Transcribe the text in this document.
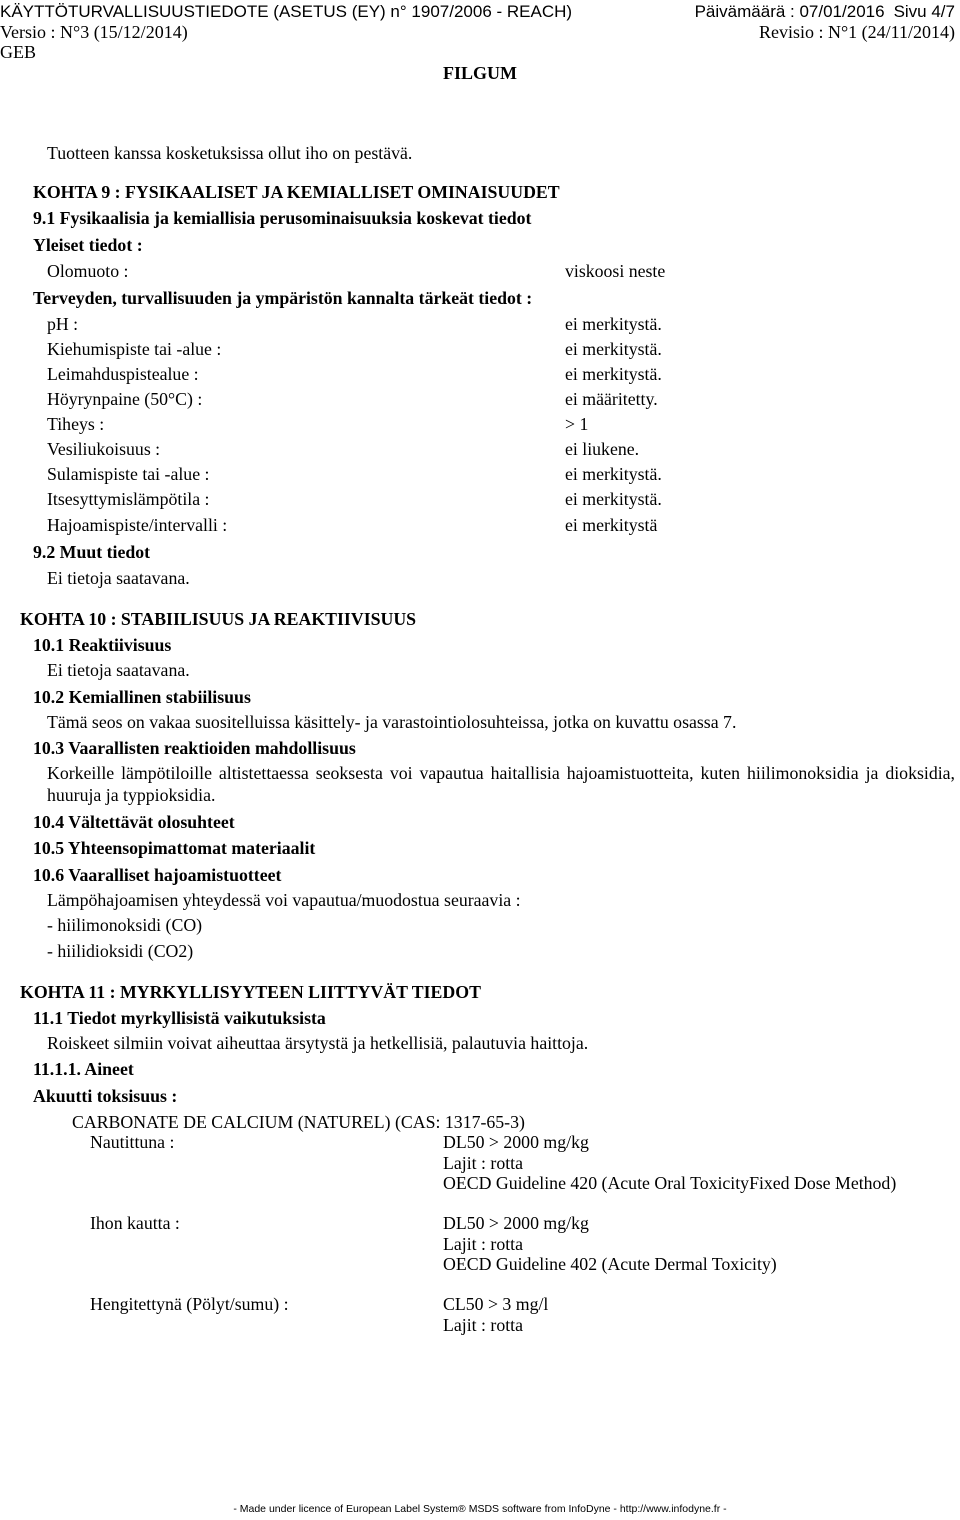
KÄYTTÖTURVALLISUUSTIEDOTE (ASETUS (EY) n° 1907/2006 - REACH)	Päivämäärä : 07/01/2016 Sivu 4/7
Versio : N°3 (15/12/2014)	Revisio : N°1 (24/11/2014)
GEB
FILGUM
Tuotteen kanssa kosketuksissa ollut iho on pestävä.
KOHTA 9 : FYSIKAALISET JA KEMIALLISET OMINAISUUDET
9.1 Fysikaalisia ja kemiallisia perusominaisuuksia koskevat tiedot
Yleiset tiedot :
Olomuoto :	viskoosi neste
Terveyden, turvallisuuden ja ympäristön kannalta tärkeät tiedot :
pH :	ei merkitystä.
Kiehumispiste tai -alue :	ei merkitystä.
Leimahduspistealue :	ei merkitystä.
Höyrynpaine (50°C) :	ei määritetty.
Tiheys :	> 1
Vesiliukoisuus :	ei liukene.
Sulamispiste tai -alue :	ei merkitystä.
Itsesyttymislämpötila :	ei merkitystä.
Hajoamispiste/intervalli :	ei merkitystä
9.2 Muut tiedot
Ei tietoja saatavana.
KOHTA 10 : STABIILISUUS JA REAKTIIVISUUS
10.1 Reaktiivisuus
Ei tietoja saatavana.
10.2 Kemiallinen stabiilisuus
Tämä seos on vakaa suositelluissa käsittely- ja varastointiolosuhteissa, jotka on kuvattu osassa 7.
10.3 Vaarallisten reaktioiden mahdollisuus
Korkeille lämpötiloille altistettaessa seoksesta voi vapautua haitallisia hajoamistuotteita, kuten hiilimonoksidia ja dioksidia, huuruja ja typpioksidia.
10.4 Vältettävät olosuhteet
10.5 Yhteensopimattomat materiaalit
10.6 Vaaralliset hajoamistuotteet
Lämpöhajoamisen yhteydessä voi vapautua/muodostua seuraavia :
- hiilimonoksidi (CO)
- hiilidioksidi (CO2)
KOHTA 11 : MYRKYLLISYYTEEN LIITTYVÄT TIEDOT
11.1 Tiedot myrkyllisistä vaikutuksista
Roiskeet silmiin voivat aiheuttaa ärsytystä ja hetkellisiä, palautuvia haittoja.
11.1.1. Aineet
Akuutti toksisuus :
CARBONATE DE CALCIUM (NATUREL) (CAS: 1317-65-3)
Nautittuna :	DL50 > 2000 mg/kg
Lajit : rotta
OECD Guideline 420 (Acute Oral ToxicityFixed Dose Method)
Ihon kautta :	DL50 > 2000 mg/kg
Lajit : rotta
OECD Guideline 402 (Acute Dermal Toxicity)
Hengitettynä (Pölyt/sumu) :	CL50 > 3 mg/l
Lajit : rotta
- Made under licence of European Label System® MSDS software from InfoDyne - http://www.infodyne.fr -
